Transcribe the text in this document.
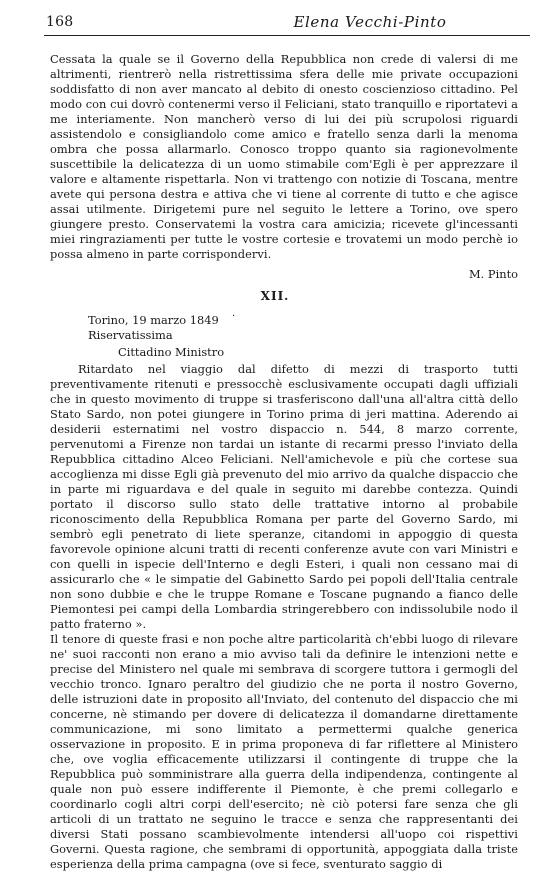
168	Elena Vecchi-Pinto

Cessata la quale se il Governo della Repubblica non crede di valersi di me altrimenti, rientrerò nella ristrettissima sfera delle mie private occupazioni soddisfatto di non aver mancato al debito di onesto coscienzioso cittadino. Pel modo con cui dovrò contenermi verso il Feliciani, stato tranquillo e riportatevi a me interiamente. Non mancherò verso di lui dei più scrupolosi riguardi assistendolo e consigliandolo come amico e fratello senza darli la menoma ombra che possa allarmarlo. Conosco troppo quanto sia ragionevolmente suscettibile la delicatezza di un uomo stimabile com'Egli è per apprezzare il valore e altamente rispettarla. Non vi trattengo con notizie di Toscana, mentre avete qui persona destra e attiva che vi tiene al corrente di tutto e che agisce assai utilmente. Dirigetemi pure nel seguito le lettere a Torino, ove spero giungere presto. Conservatemi la vostra cara amicizia; ricevete gl'incessanti miei ringraziamenti per tutte le vostre cortesie e trovatemi un modo perchè io possa almeno in parte corrispondervi.

M. Pinto
XII.
Torino, 19 marzo 1849 ·
Riservatissima
Cittadino Ministro

Ritardato nel viaggio dal difetto di mezzi di trasporto tutti preventivamente ritenuti e pressocchè esclusivamente occupati dagli uffiziali che in questo movimento di truppe si trasferiscono dall'una all'altra città dello Stato Sardo, non potei giungere in Torino prima di jeri mattina. Aderendo ai desiderii esternatimi nel vostro dispaccio n. 544, 8 marzo corrente, pervenutomi a Firenze non tardai un istante di recarmi presso l'inviato della Repubblica cittadino Alceo Feliciani. Nell'amichevole e più che cortese sua accoglienza mi disse Egli già prevenuto del mio arrivo da qualche dispaccio che in parte mi riguardava e del quale in seguito mi darebbe contezza. Quindi portato il discorso sullo stato delle trattative intorno al probabile riconoscimento della Repubblica Romana per parte del Governo Sardo, mi sembrò egli penetrato di liete speranze, citandomi in appoggio di questa favorevole opinione alcuni tratti di recenti conferenze avute con vari Ministri e con quelli in ispecie dell'Interno e degli Esteri, i quali non cessano mai di assicurarlo che « le simpatie del Gabinetto Sardo pei popoli dell'Italia centrale non sono dubbie e che le truppe Romane e Toscane pugnando a fianco delle Piemontesi pei campi della Lombardia stringerebbero con indissolubile nodo il patto fraterno ».

Il tenore di queste frasi e non poche altre particolarità ch'ebbi luogo di rilevare ne' suoi racconti non erano a mio avviso tali da definire le intenzioni nette e precise del Ministero nel quale mi sembrava di scorgere tuttora i germogli del vecchio tronco. Ignaro peraltro del giudizio che ne porta il nostro Governo, delle istruzioni date in proposito all'Inviato, del contenuto del dispaccio che mi concerne, nè stimando per dovere di delicatezza il domandarne direttamente communicazione, mi sono limitato a permettermi qualche generica osservazione in proposito. E in prima proponeva di far riflettere al Ministero che, ove voglia efficacemente utilizzarsi il contingente di truppe che la Repubblica può somministrare alla guerra della indipendenza, contingente al quale non può essere indifferente il Piemonte, è che premi collegarlo e coordinarlo cogli altri corpi dell'esercito; nè ciò potersi fare senza che gli articoli di un trattato ne seguino le tracce e senza che rappresentanti dei diversi Stati possano scambievolmente intendersi all'uopo coi rispettivi Governi. Questa ragione, che sembrami di opportunità, appoggiata dalla triste esperienza della prima campagna (ove si fece, sventurato saggio di
